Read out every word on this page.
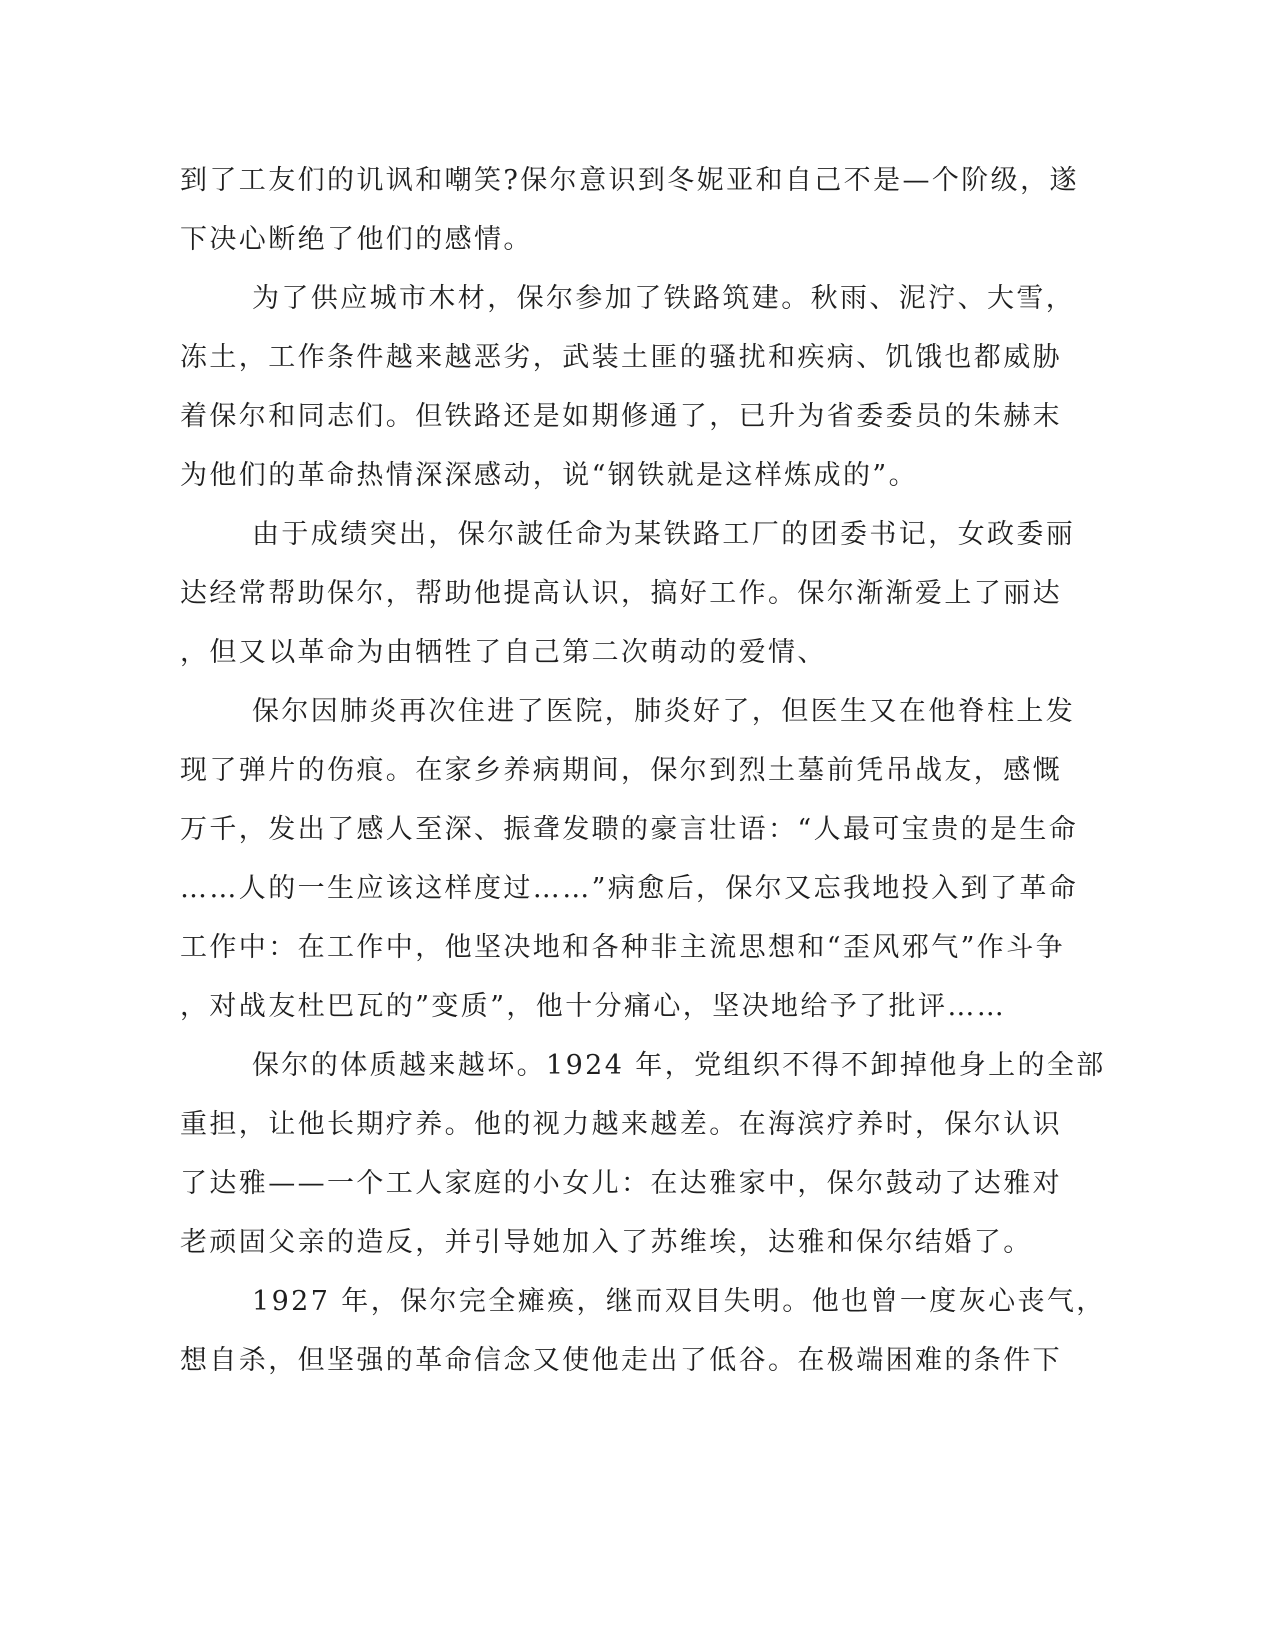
到了工友们的讥讽和嘲笑?保尔意识到冬妮亚和自己不是—个阶级，遂
下决心断绝了他们的感情。
为了供应城市木材，保尔参加了铁路筑建。秋雨、泥泞、大雪，
冻土，工作条件越来越恶劣，武装土匪的骚扰和疾病、饥饿也都威胁
着保尔和同志们。但铁路还是如期修通了，已升为省委委员的朱赫末
为他们的革命热情深深感动，说“钢铁就是这样炼成的”。
由于成绩突出，保尔詖任命为某铁路工厂的团委书记，女政委丽
达经常帮助保尔，帮助他提高认识，搞好工作。保尔渐渐爱上了丽达
，但又以革命为由牺牲了自己第二次萌动的爱情、
保尔因肺炎再次住进了医院，肺炎好了，但医生又在他脊柱上发
现了弹片的伤痕。在家乡养病期间，保尔到烈土墓前凭吊战友，感慨
万千，发出了感人至深、振聋发聩的豪言壮语：“人最可宝贵的是生命
……人的一生应该这样度过……”病愈后，保尔又忘我地投入到了革命
工作中：在工作中，他坚决地和各种非主流思想和“歪风邪气”作斗争
，对战友杜巴瓦的”变质”，他十分痛心，坚决地给予了批评……
保尔的体质越来越坏。1924 年，党组织不得不卸掉他身上的全部
重担，让他长期疗养。他的视力越来越差。在海滨疗养时，保尔认识
了达雅——一个工人家庭的小女儿：在达雅家中，保尔鼓动了达雅对
老顽固父亲的造反，并引导她加入了苏维埃，达雅和保尔结婚了。
1927 年，保尔完全瘫痪，继而双目失明。他也曾一度灰心丧气，
想自杀，但坚强的革命信念又使他走出了低谷。在极端困难的条件下
